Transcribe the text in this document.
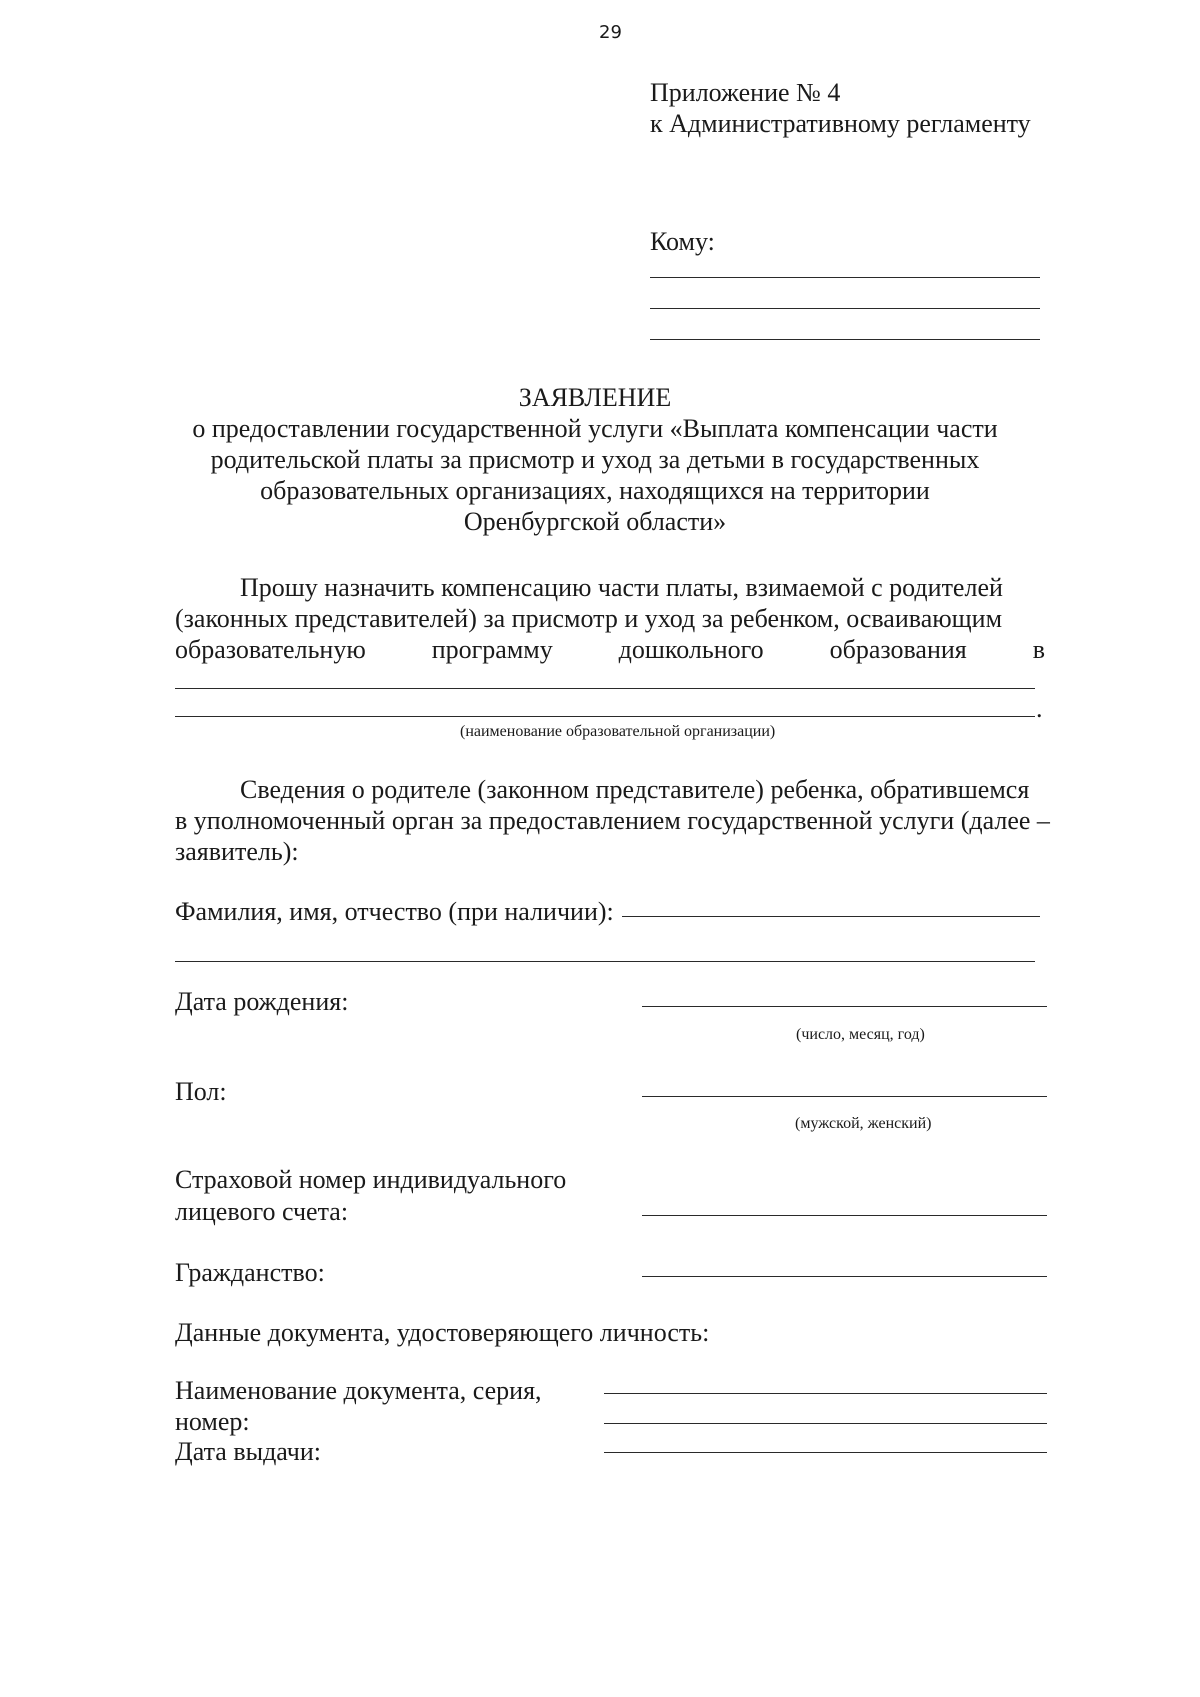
29
Приложение № 4
к Административному регламенту
Кому:
ЗАЯВЛЕНИЕ
о предоставлении государственной услуги «Выплата компенсации части
родительской платы за присмотр и уход за детьми в государственных
образовательных организациях, находящихся на территории
Оренбургской области»
Прошу назначить компенсацию части платы, взимаемой с родителей
(законных представителей) за присмотр и уход за ребенком, осваивающим
образовательную	программу	дошкольного	образования	в
.
(наименование образовательной организации)
Сведения о родителе (законном представителе) ребенка, обратившемся
в уполномоченный орган за предоставлением государственной услуги (далее –
заявитель):
Фамилия, имя, отчество (при наличии):
Дата рождения:
(число, месяц, год)
Пол:
(мужской, женский)
Страховой номер индивидуального
лицевого счета:
Гражданство:
Данные документа, удостоверяющего личность:
Наименование документа, серия,
номер:
Дата выдачи:
